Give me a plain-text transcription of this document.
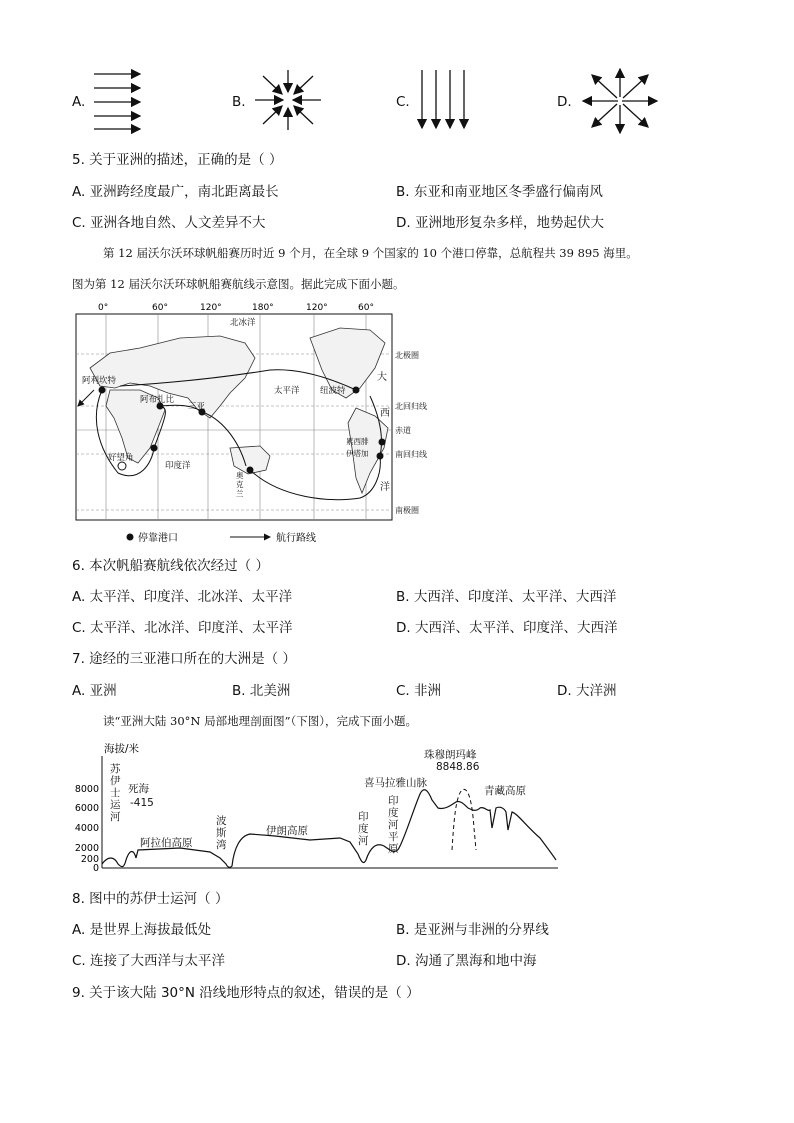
A.	B.	C.	D.
5. 关于亚洲的描述，正确的是（ ）
A. 亚洲跨经度最广，南北距离最长	B. 东亚和南亚地区冬季盛行偏南风
C. 亚洲各地自然、人文差异不大	D. 亚洲地形复杂多样，地势起伏大
第 12 届沃尔沃环球帆船赛历时近 9 个月，在全球 9 个国家的 10 个港口停靠，总航程共 39 895 海里。
图为第 12 届沃尔沃环球帆船赛航线示意图。据此完成下面小题。
0°	60°	120°	180°	120°	60°
北冰洋
太平洋
印度洋
阿利坎特
阿布扎比
三亚
好望角
纽波特
累西腓
伊塔加
大
西
洋
北极圈
北回归线
赤道
南回归线
南极圈
奥
克
兰
停靠港口	航行路线
6. 本次帆船赛航线依次经过（ ）
A. 太平洋、印度洋、北冰洋、太平洋	B. 大西洋、印度洋、太平洋、大西洋
C. 太平洋、北冰洋、印度洋、太平洋	D. 大西洋、太平洋、印度洋、大西洋
7. 途经的三亚港口所在的大洲是（ ）
A. 亚洲	B. 北美洲	C. 非洲	D. 大洋洲
读“亚洲大陆 30°N 局部地理剖面图”（下图），完成下面小题。
海拔/米
8000
6000
4000
2000
200
0
苏
伊
士
运
河
死海
-415
阿拉伯高原
波
斯
湾
伊朗高原
印
度
河
印
度
河
平
原
喜马拉雅山脉
珠穆朗玛峰
8848.86
青藏高原
8. 图中的苏伊士运河（ ）
A. 是世界上海拔最低处	B. 是亚洲与非洲的分界线
C. 连接了大西洋与太平洋	D. 沟通了黑海和地中海
9. 关于该大陆 30°N 沿线地形特点的叙述，错误的是（ ）
